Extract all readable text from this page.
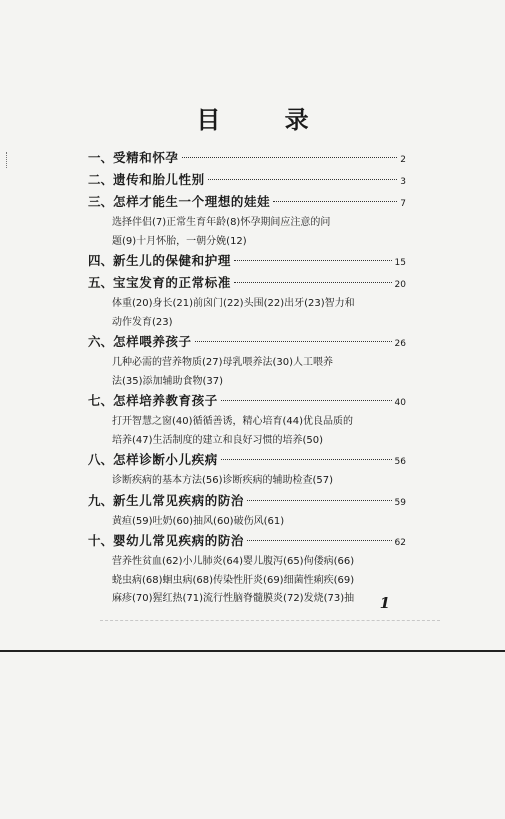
目 录
一、 受精和怀孕	2
二、 遗传和胎儿性别	3
三、 怎样才能生一个理想的娃娃	7
选择伴侣(7)正常生育年龄(8)怀孕期间应注意的问
题(9)十月怀胎，一朝分娩(12)
四、 新生儿的保健和护理	15
五、 宝宝发育的正常标准	20
体重(20)身长(21)前囟门(22)头围(22)出牙(23)智力和
动作发育(23)
六、 怎样喂养孩子	26
几种必需的营养物质(27)母乳喂养法(30)人工喂养
法(35)添加辅助食物(37)
七、 怎样培养教育孩子	40
打开智慧之窗(40)循循善诱，精心培育(44)优良品质的
培养(47)生活制度的建立和良好习惯的培养(50)
八、 怎样诊断小儿疾病	56
诊断疾病的基本方法(56)诊断疾病的辅助检查(57)
九、 新生儿常见疾病的防治	59
黄疸(59)吐奶(60)抽风(60)破伤风(61)
十、 婴幼儿常见疾病的防治	62
营养性贫血(62)小儿肺炎(64)婴儿腹泻(65)佝偻病(66)
蛲虫病(68)蛔虫病(68)传染性肝炎(69)细菌性痢疾(69)
麻疹(70)猩红热(71)流行性脑脊髓膜炎(72)发烧(73)抽	1
